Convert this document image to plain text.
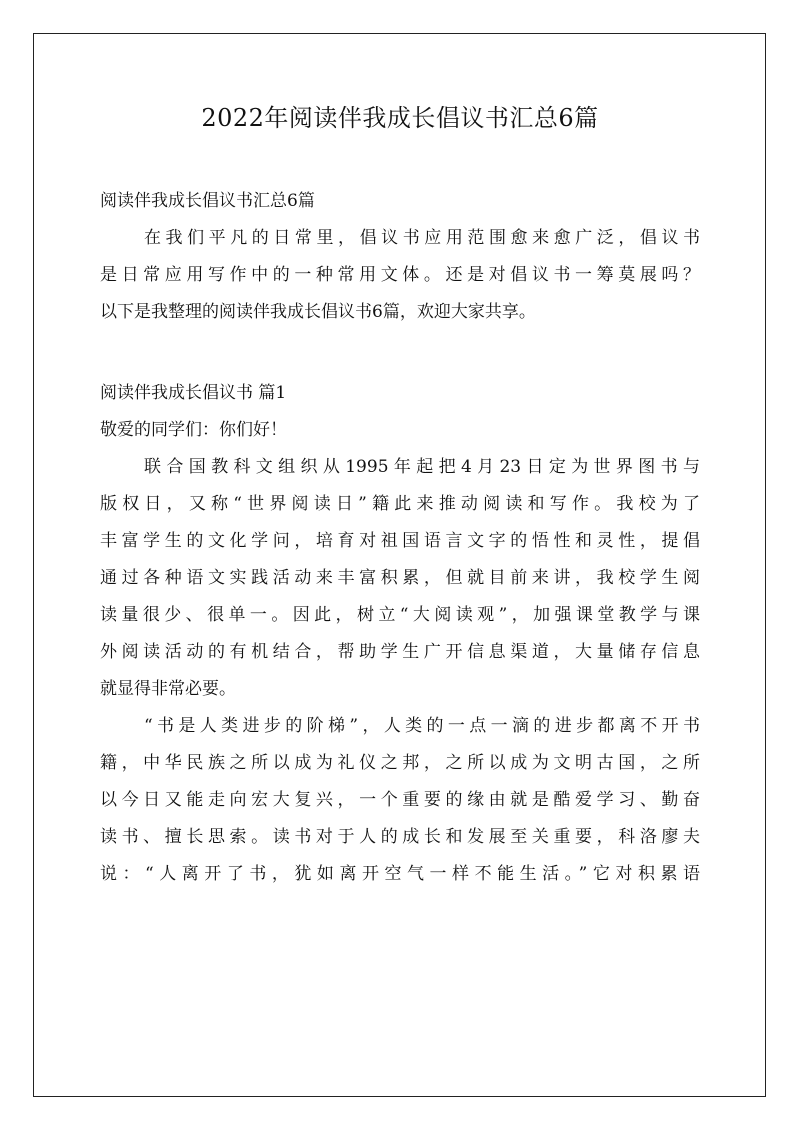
2022年阅读伴我成长倡议书汇总6篇
阅读伴我成长倡议书汇总6篇
在我们平凡的日常里，倡议书应用范围愈来愈广泛，倡议书
是日常应用写作中的一种常用文体。还是对倡议书一筹莫展吗？
以下是我整理的阅读伴我成长倡议书6篇，欢迎大家共享。
阅读伴我成长倡议书 篇1
敬爱的同学们：你们好！
联合国教科文组织从1995年起把4月23日定为世界图书与
版权日，又称“世界阅读日”籍此来推动阅读和写作。我校为了
丰富学生的文化学问，培育对祖国语言文字的悟性和灵性，提倡
通过各种语文实践活动来丰富积累，但就目前来讲，我校学生阅
读量很少、很单一。因此，树立“大阅读观”，加强课堂教学与课
外阅读活动的有机结合，帮助学生广开信息渠道，大量储存信息
就显得非常必要。
“书是人类进步的阶梯”，人类的一点一滴的进步都离不开书
籍，中华民族之所以成为礼仪之邦，之所以成为文明古国，之所
以今日又能走向宏大复兴，一个重要的缘由就是酷爱学习、勤奋
读书、擅长思索。读书对于人的成长和发展至关重要，科洛廖夫
说：“人离开了书，犹如离开空气一样不能生活。”它对积累语
